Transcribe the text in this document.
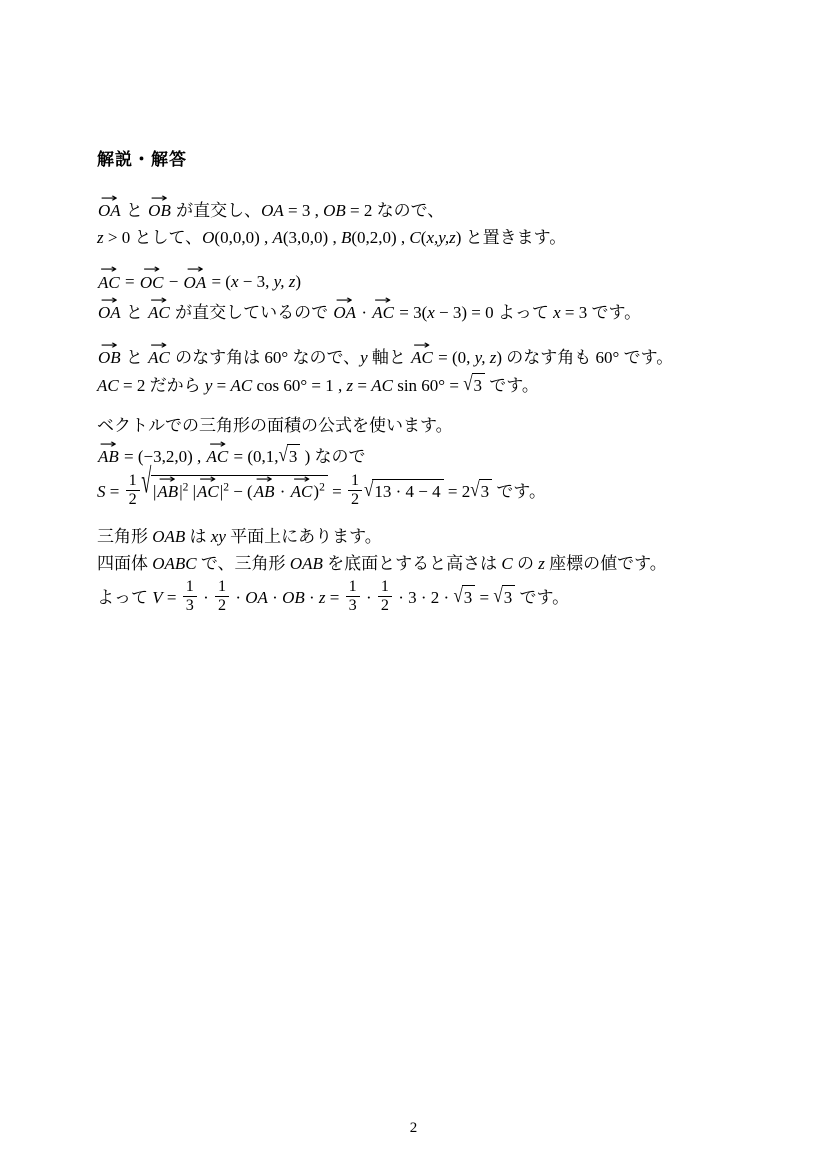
解説・解答
→
OA と
→
OB が直交し、OA = 3 , OB = 2 なので、
z > 0 として、O(0,0,0) , A(3,0,0) , B(0,2,0) , C(x,y,z) と置きます。
→
AC =
→
OC −
→
OA = (x − 3, y, z)
→
OA と
→
AC が直交しているので
→
OA ·
→
AC = 3(x − 3) = 0 よって x = 3 です。
→
OB と
→
AC のなす角は 60° なので、y 軸と
→
AC = (0, y, z) のなす角も 60° です。
AC = 2 だから y = AC cos 60° = 1 , z = AC sin 60° = √3 です。
ベクトルでの三角形の面積の公式を使います。
→
AB = (−3,2,0) ,
→
AC = (0,1,√3 ) なので
$S = \frac{1}{2}$ √ |
→
AB $|^2$ |
→
AC $|^2$ − (
→
AB ·
→
AC )$^2 = \frac{1}{2} √13 \cdot 4 - 4 = 2√3$ です。
三角形 OAB は xy 平面上にあります。
四面体 OABC で、三角形 OAB を底面とすると高さは C の z 座標の値です。
よって $V = \frac{1}{3} \cdot \frac{1}{2}$ · OA · OB · $z = \frac{1}{3} \cdot \frac{1}{2} \cdot 3 \cdot 2 \cdot √3 = √3$ です。
2
